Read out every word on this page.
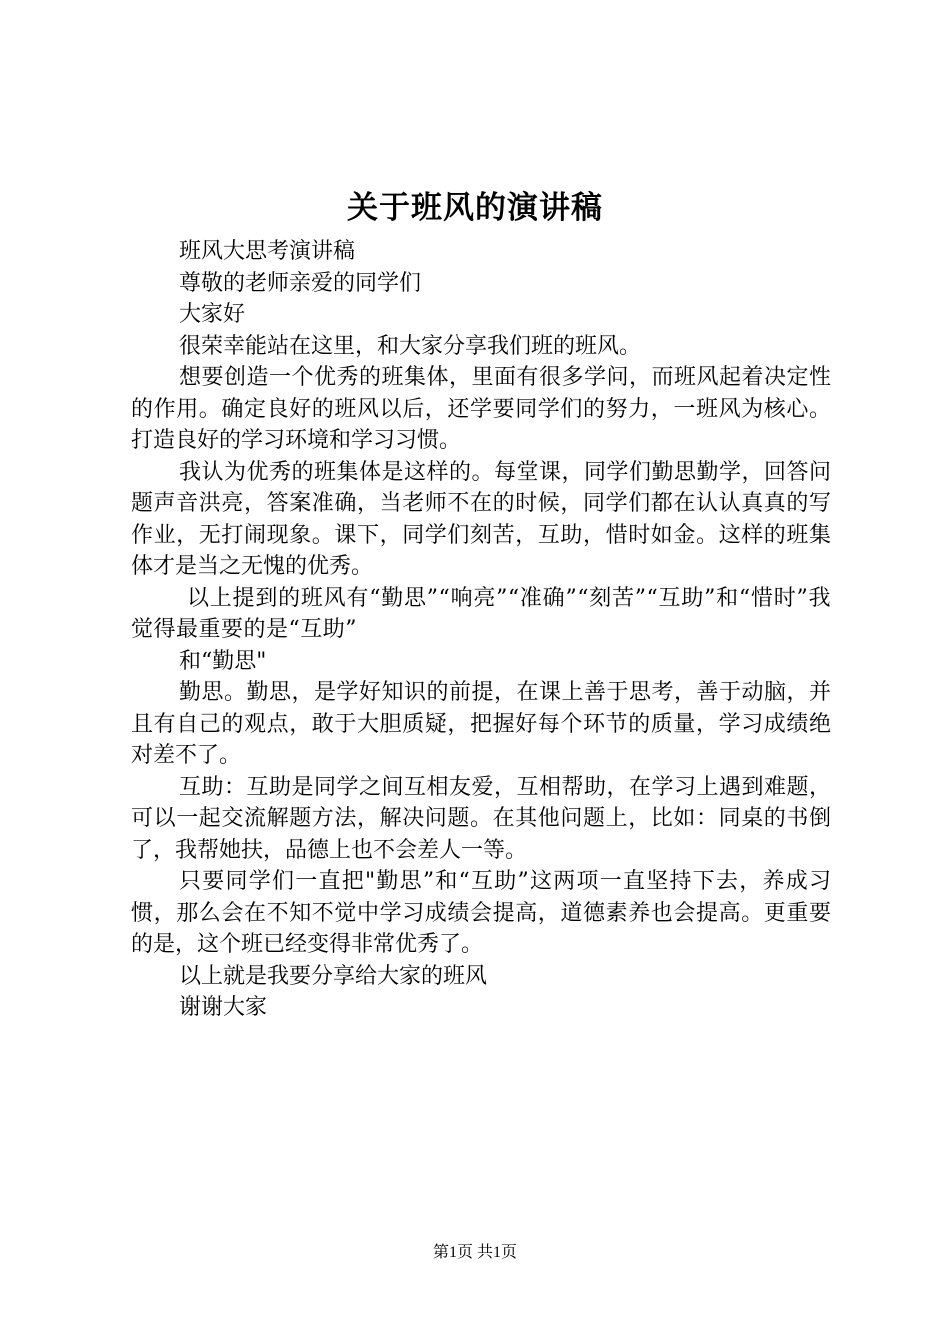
关于班风的演讲稿

班风大思考演讲稿

尊敬的老师亲爱的同学们

大家好

很荣幸能站在这里，和大家分享我们班的班风。

想要创造一个优秀的班集体，里面有很多学问，而班风起着决定性的作用。确定良好的班风以后，还学要同学们的努力，一班风为核心。打造良好的学习环境和学习习惯。

我认为优秀的班集体是这样的。每堂课，同学们勤思勤学，回答问题声音洪亮，答案准确，当老师不在的时候，同学们都在认认真真的写作业，无打闹现象。课下，同学们刻苦，互助，惜时如金。这样的班集体才是当之无愧的优秀。

以上提到的班风有“勤思”“响亮”“准确”“刻苦”“互助”和“惜时”我觉得最重要的是“互助”

和“勤思"

勤思。勤思，是学好知识的前提，在课上善于思考，善于动脑，并且有自己的观点，敢于大胆质疑，把握好每个环节的质量，学习成绩绝对差不了。

互助：互助是同学之间互相友爱，互相帮助，在学习上遇到难题，可以一起交流解题方法，解决问题。在其他问题上，比如：同桌的书倒了，我帮她扶，品德上也不会差人一等。

只要同学们一直把"勤思”和“互助”这两项一直坚持下去，养成习惯，那么会在不知不觉中学习成绩会提高，道德素养也会提高。更重要的是，这个班已经变得非常优秀了。

以上就是我要分享给大家的班风

谢谢大家

第1页 共1页
